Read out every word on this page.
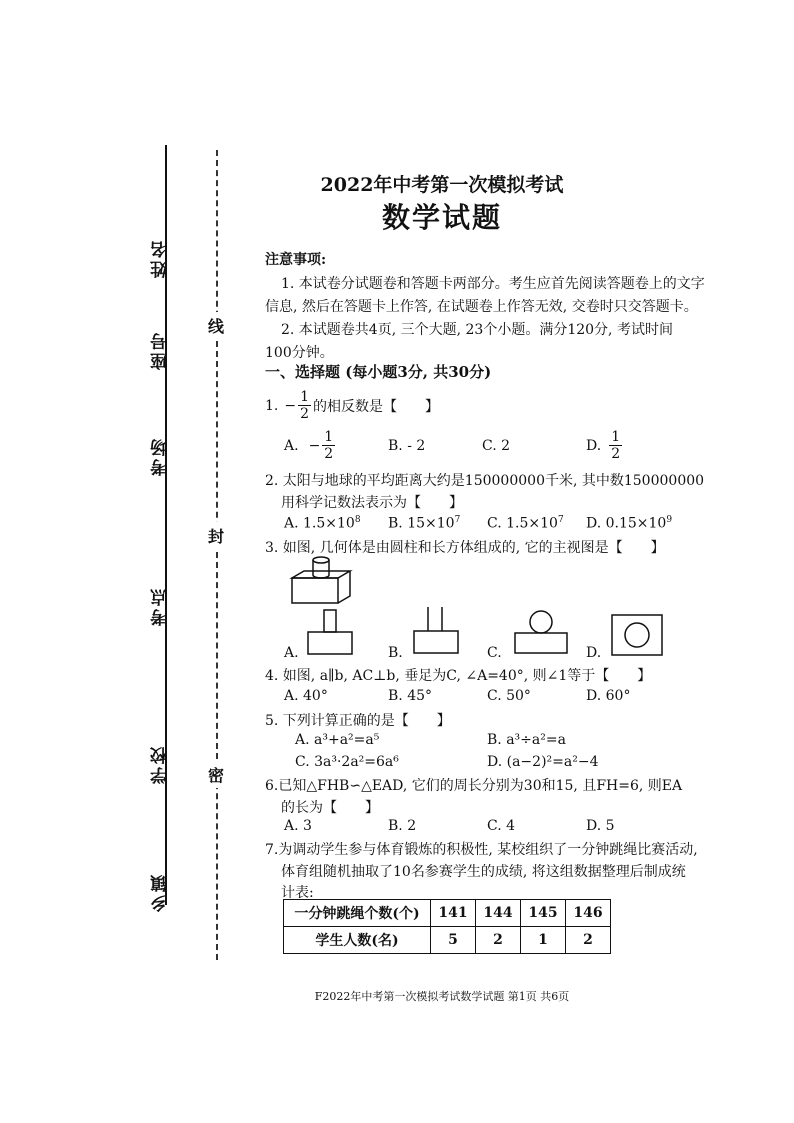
姓名
座号
考场
考点
学校
乡镇
线
封
密
2022年中考第一次模拟考试
数学试题
注意事项:
1. 本试卷分试题卷和答题卡两部分。考生应首先阅读答题卷上的文字
信息, 然后在答题卡上作答, 在试题卷上作答无效, 交卷时只交答题卡。
2. 本试题卷共4页, 三个大题, 23个小题。满分120分, 考试时间
100分钟。
一、选择题 (每小题3分, 共30分)
1. − $\frac{1}{2}$ 的相反数是【　　】
A. − $\frac{1}{2}$	B. - 2	C. 2	D. $\frac{1}{2}$
2. 太阳与地球的平均距离大约是150000000千米, 其中数150000000
用科学记数法表示为【　　】
A. $1.5\times 10^8$ B. $15\times 10^7$ C. $1.5\times 10^7$ D. $0.15\times 10^9$
3. 如图, 几何体是由圆柱和长方体组成的, 它的主视图是【　　】
A.	B.	C.	D.
4. 如图, a∥b, AC⊥b, 垂足为C, ∠A=40°, 则∠1等于【　　】
A. 40°	B. 45°	C. 50°	D. 60°
5. 下列计算正确的是【　　】
A. a³+a²=a⁵	B. a³÷a²=a
C. 3a³·2a²=6a⁶	D. (a−2)²=a²−4
6.已知△FHB∽△EAD, 它们的周长分别为30和15, 且FH=6, 则EA
的长为【　　】
A. 3	B. 2	C. 4	D. 5
7.为调动学生参与体育锻炼的积极性, 某校组织了一分钟跳绳比赛活动,
体育组随机抽取了10名参赛学生的成绩, 将这组数据整理后制成统
计表:
一分钟跳绳个数(个)	141	144	145	146
学生人数(名)	5	2	1	2
F2022年中考第一次模拟考试数学试题 第1页 共6页
